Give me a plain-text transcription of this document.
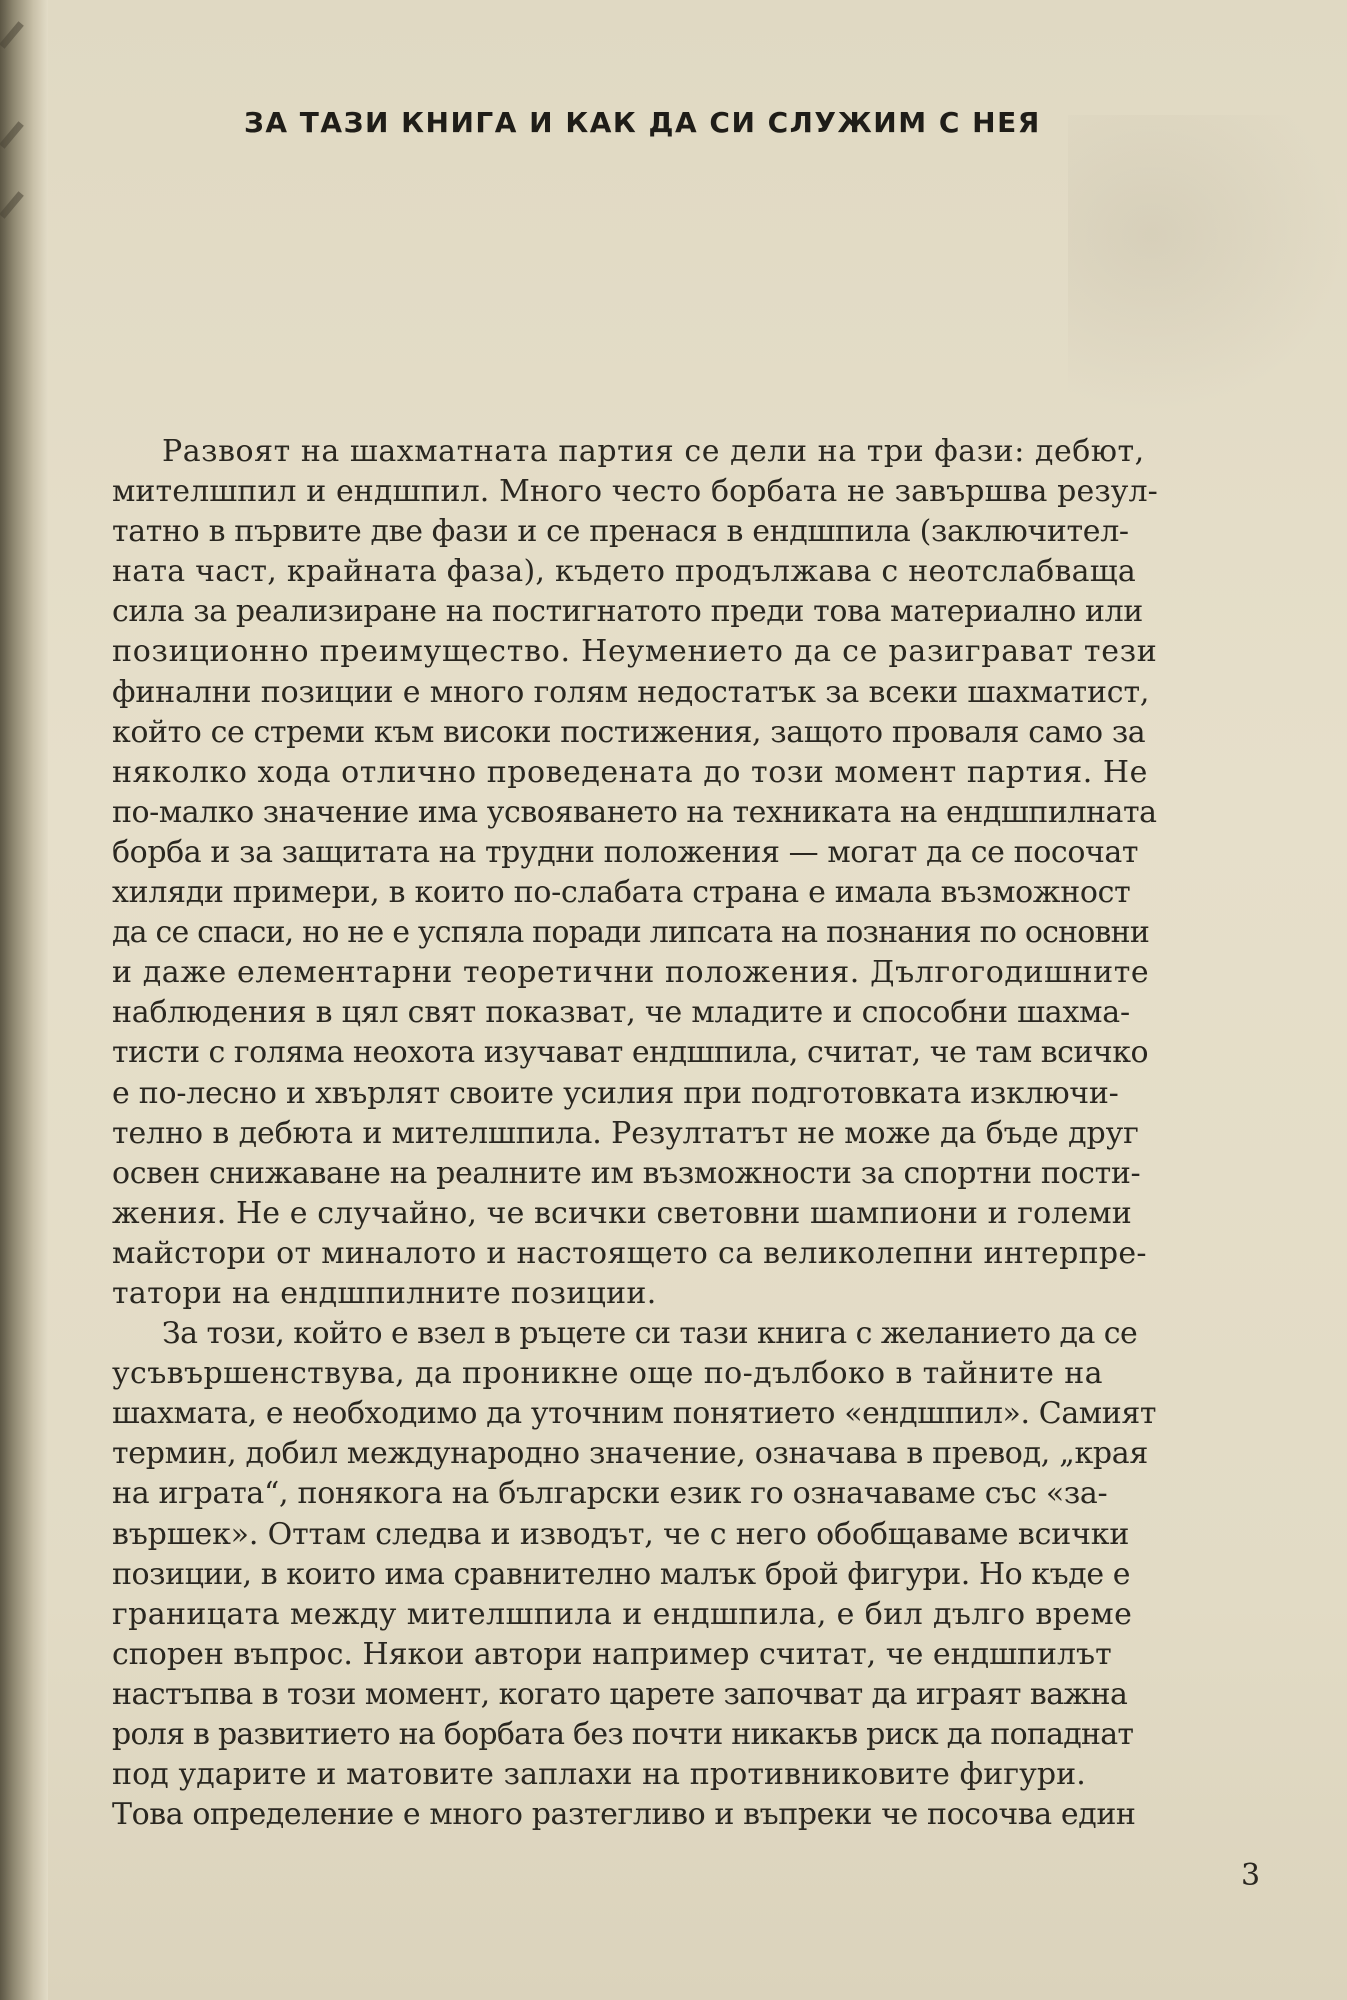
ЗА ТАЗИ КНИГА И КАК ДА СИ СЛУЖИМ С НЕЯ
Развоят на шахматната партия се дели на три фази: дебют,
мителшпил и ендшпил. Много често борбата не завършва резул-
татно в първите две фази и се пренася в ендшпила (заключител-
ната част, крайната фаза), където продължава с неотслабваща
сила за реализиране на постигнатото преди това материално или
позиционно преимущество. Неумението да се разиграват тези
финални позиции е много голям недостатък за всеки шахматист,
който се стреми към високи постижения, защото проваля само за
няколко хода отлично проведената до този момент партия. Не
по-малко значение има усвояването на техниката на ендшпилната
борба и за защитата на трудни положения — могат да се посочат
хиляди примери, в които по-слабата страна е имала възможност
да се спаси, но не е успяла поради липсата на познания по основни
и даже елементарни теоретични положения. Дългогодишните
наблюдения в цял свят показват, че младите и способни шахма-
тисти с голяма неохота изучават ендшпила, считат, че там всичко
е по-лесно и хвърлят своите усилия при подготовката изключи-
телно в дебюта и мителшпила. Резултатът не може да бъде друг
освен снижаване на реалните им възможности за спортни пости-
жения. Не е случайно, че всички световни шампиони и големи
майстори от миналото и настоящето са великолепни интерпре-
татори на ендшпилните позиции.
За този, който е взел в ръцете си тази книга с желанието да се
усъвършенствува, да проникне още по-дълбоко в тайните на
шахмата, е необходимо да уточним понятието «ендшпил». Самият
термин, добил международно значение, означава в превод, „края
на играта“, понякога на български език го означаваме със «за-
вършек». Оттам следва и изводът, че с него обобщаваме всички
позиции, в които има сравнително малък брой фигури. Но къде е
границата между мителшпила и ендшпила, е бил дълго време
спорен въпрос. Някои автори например считат, че ендшпилът
настъпва в този момент, когато царете започват да играят важна
роля в развитието на борбата без почти никакъв риск да попаднат
под ударите и матовите заплахи на противниковите фигури.
Това определение е много разтегливо и въпреки че посочва един
3
